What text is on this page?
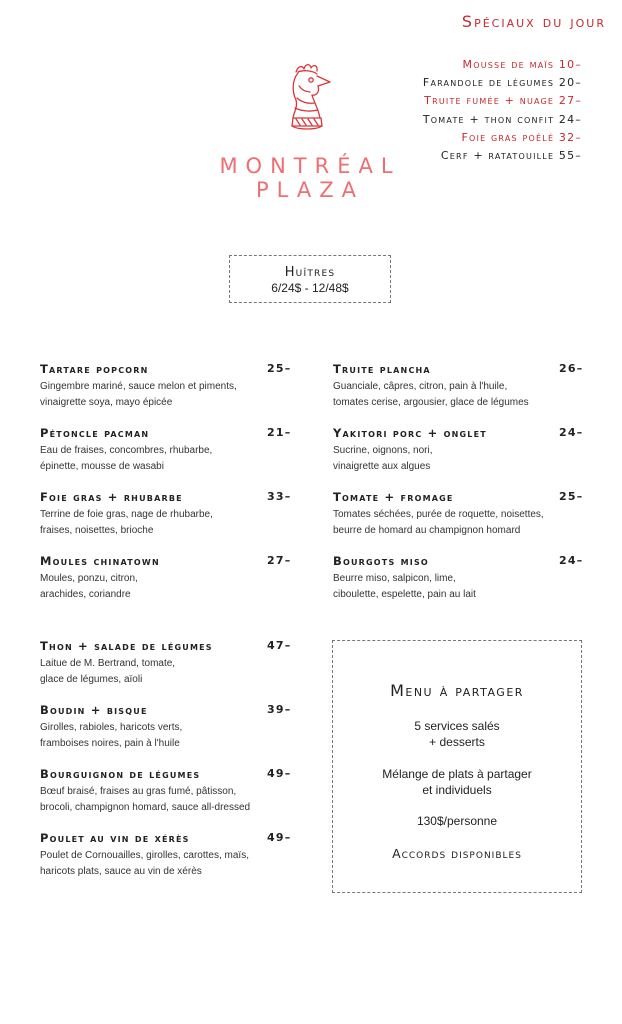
Spéciaux du jour
Mousse de maïs 10–
Farandole de légumes 20–
Truite fumée + nuage 27–
Tomate + thon confit 24–
Foie gras poêlé 32–
Cerf + ratatouille 55–
MONTRÉAL
PLAZA
Huîtres
6/24$ - 12/48$
Tartare popcorn	25–
Gingembre mariné, sauce melon et piments,
vinaigrette soya, mayo épicée
Pétoncle pacman	21–
Eau de fraises, concombres, rhubarbe,
épinette, mousse de wasabi
Foie gras + rhubarbe	33–
Terrine de foie gras, nage de rhubarbe,
fraises, noisettes, brioche
Moules chinatown	27–
Moules, ponzu, citron,
arachides, coriandre
Truite plancha	26–
Guanciale, câpres, citron, pain à l'huile,
tomates cerise, argousier, glace de légumes
Yakitori porc + onglet	24–
Sucrine, oignons, nori,
vinaigrette aux algues
Tomate + fromage	25–
Tomates séchées, purée de roquette, noisettes,
beurre de homard au champignon homard
Bourgots miso	24–
Beurre miso, salpicon, lime,
ciboulette, espelette, pain au lait
Thon + salade de légumes	47–
Laitue de M. Bertrand, tomate,
glace de légumes, aïoli
Boudin + bisque	39–
Girolles, rabioles, haricots verts,
framboises noires, pain à l'huile
Bourguignon de légumes	49–
Bœuf braisé, fraises au gras fumé, pâtisson,
brocoli, champignon homard, sauce all-dressed
Poulet au vin de xérès	49–
Poulet de Cornouailles, girolles, carottes, maïs,
haricots plats, sauce au vin de xérès
Menu à partager
5 services salés
+ desserts
Mélange de plats à partager
et individuels
130$/personne
Accords disponibles
